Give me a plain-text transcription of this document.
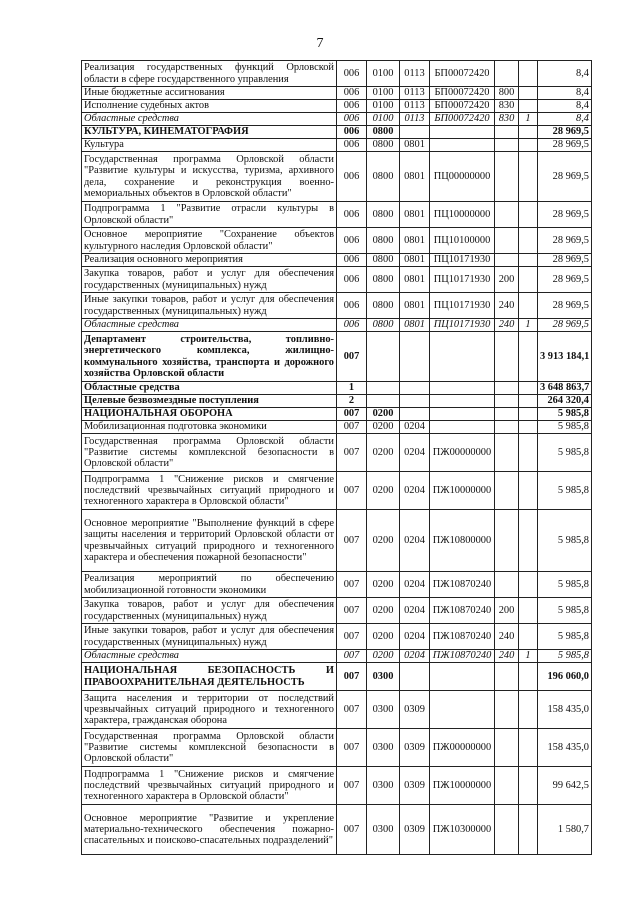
7
Реализация государственных функций Орловской области в сфере государственного управления	006	0100	0113	БП00072420			8,4
Иные бюджетные ассигнования	006	0100	0113	БП00072420	800		8,4
Исполнение судебных актов	006	0100	0113	БП00072420	830		8,4
Областные средства	006	0100	0113	БП00072420	830	1	8,4
КУЛЬТУРА, КИНЕМАТОГРАФИЯ	006	0800					28 969,5
Культура	006	0800	0801				28 969,5
Государственная программа Орловской области "Развитие культуры и искусства, туризма, архивного дела, сохранение и реконструкция военно-мемориальных объектов в Орловской области"	006	0800	0801	ПЦ00000000			28 969,5
Подпрограмма 1 "Развитие отрасли культуры в Орловской области"	006	0800	0801	ПЦ10000000			28 969,5
Основное мероприятие "Сохранение объектов культурного наследия Орловской области"	006	0800	0801	ПЦ10100000			28 969,5
Реализация основного мероприятия	006	0800	0801	ПЦ10171930			28 969,5
Закупка товаров, работ и услуг для обеспечения государственных (муниципальных) нужд	006	0800	0801	ПЦ10171930	200		28 969,5
Иные закупки товаров, работ и услуг для обеспечения государственных (муниципальных) нужд	006	0800	0801	ПЦ10171930	240		28 969,5
Областные средства	006	0800	0801	ПЦ10171930	240	1	28 969,5
Департамент строительства, топливно-энергетического комплекса, жилищно-коммунального хозяйства, транспорта и дорожного хозяйства Орловской области	007						3 913 184,1
Областные средства	1						3 648 863,7
Целевые безвозмездные поступления	2						264 320,4
НАЦИОНАЛЬНАЯ ОБОРОНА	007	0200					5 985,8
Мобилизационная подготовка экономики	007	0200	0204				5 985,8
Государственная программа Орловской области "Развитие системы комплексной безопасности в Орловской области"	007	0200	0204	ПЖ00000000			5 985,8
Подпрограмма 1 "Снижение рисков и смягчение последствий чрезвычайных ситуаций природного и техногенного характера в Орловской области"	007	0200	0204	ПЖ10000000			5 985,8
Основное мероприятие "Выполнение функций в сфере защиты населения и территорий Орловской области от чрезвычайных ситуаций природного и техногенного характера и обеспечения пожарной безопасности"	007	0200	0204	ПЖ10800000			5 985,8
Реализация мероприятий по обеспечению мобилизационной готовности экономики	007	0200	0204	ПЖ10870240			5 985,8
Закупка товаров, работ и услуг для обеспечения государственных (муниципальных) нужд	007	0200	0204	ПЖ10870240	200		5 985,8
Иные закупки товаров, работ и услуг для обеспечения государственных (муниципальных) нужд	007	0200	0204	ПЖ10870240	240		5 985,8
Областные средства	007	0200	0204	ПЖ10870240	240	1	5 985,8
НАЦИОНАЛЬНАЯ БЕЗОПАСНОСТЬ И ПРАВООХРАНИТЕЛЬНАЯ ДЕЯТЕЛЬНОСТЬ	007	0300					196 060,0
Защита населения и территории от последствий чрезвычайных ситуаций природного и техногенного характера, гражданская оборона	007	0300	0309				158 435,0
Государственная программа Орловской области "Развитие системы комплексной безопасности в Орловской области"	007	0300	0309	ПЖ00000000			158 435,0
Подпрограмма 1 "Снижение рисков и смягчение последствий чрезвычайных ситуаций природного и техногенного характера в Орловской области"	007	0300	0309	ПЖ10000000			99 642,5
Основное мероприятие "Развитие и укрепление материально-технического обеспечения пожарно-спасательных и поисково-спасательных подразделений"	007	0300	0309	ПЖ10300000			1 580,7
